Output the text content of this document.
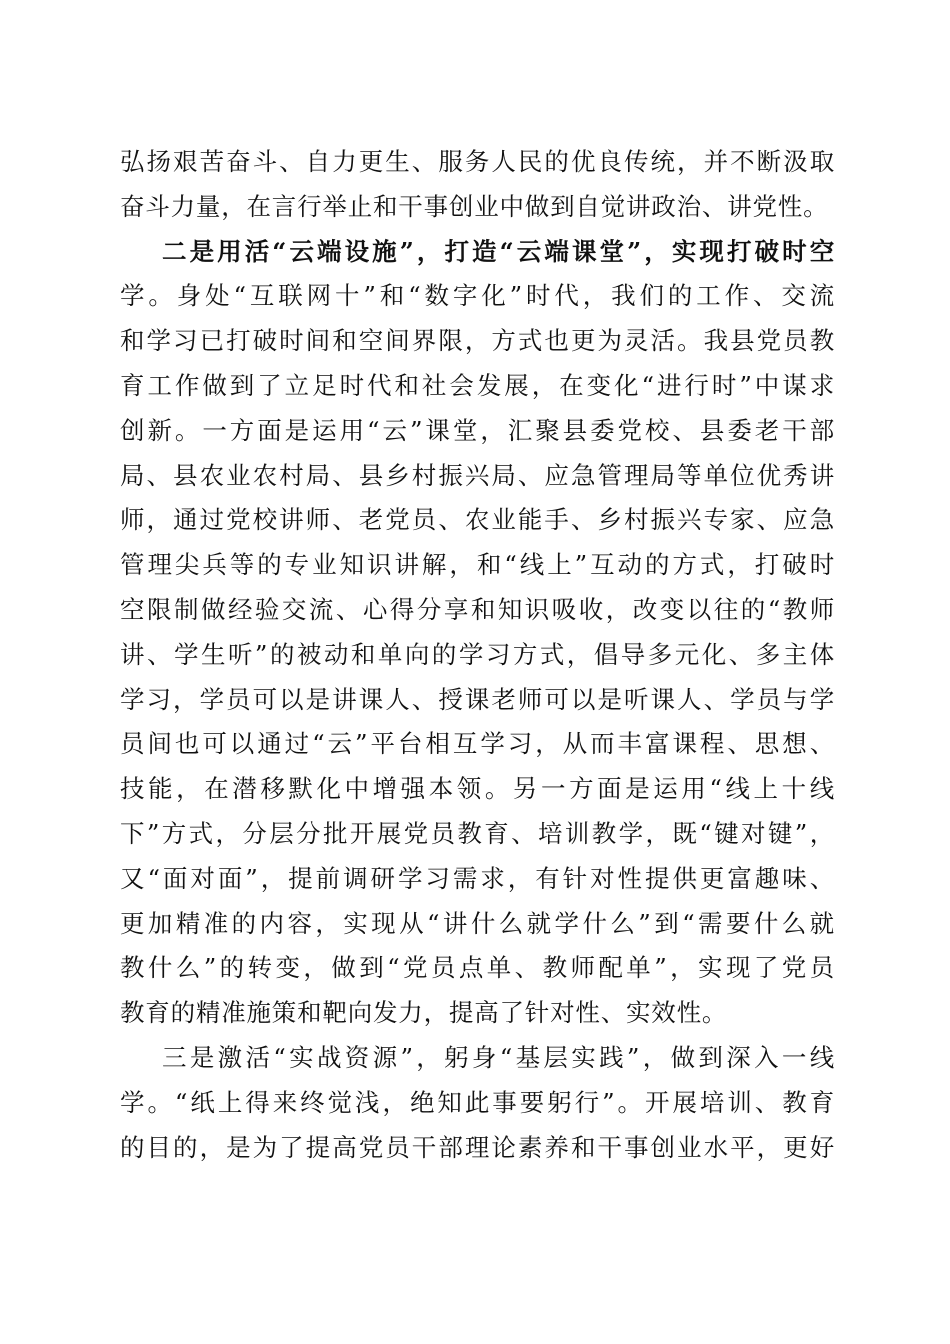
弘扬艰苦奋斗、自力更生、服务人民的优良传统，并不断汲取
奋斗力量，在言行举止和干事创业中做到自觉讲政治、讲党性。
二是用活“云端设施”，打造“云端课堂”，实现打破时空
学。身处“互联网十”和“数字化”时代，我们的工作、交流
和学习已打破时间和空间界限，方式也更为灵活。我县党员教
育工作做到了立足时代和社会发展，在变化“进行时”中谋求
创新。一方面是运用“云”课堂，汇聚县委党校、县委老干部
局、县农业农村局、县乡村振兴局、应急管理局等单位优秀讲
师，通过党校讲师、老党员、农业能手、乡村振兴专家、应急
管理尖兵等的专业知识讲解，和“线上”互动的方式，打破时
空限制做经验交流、心得分享和知识吸收，改变以往的“教师
讲、学生听”的被动和单向的学习方式，倡导多元化、多主体
学习，学员可以是讲课人、授课老师可以是听课人、学员与学
员间也可以通过“云”平台相互学习，从而丰富课程、思想、
技能，在潜移默化中增强本领。另一方面是运用“线上十线
下”方式，分层分批开展党员教育、培训教学，既“键对键”，
又“面对面”，提前调研学习需求，有针对性提供更富趣味、
更加精准的内容，实现从“讲什么就学什么”到“需要什么就
教什么”的转变，做到“党员点单、教师配单”，实现了党员
教育的精准施策和靶向发力，提高了针对性、实效性。
三是激活“实战资源”，躬身“基层实践”，做到深入一线
学。“纸上得来终觉浅，绝知此事要躬行”。开展培训、教育
的目的，是为了提高党员干部理论素养和干事创业水平，更好
